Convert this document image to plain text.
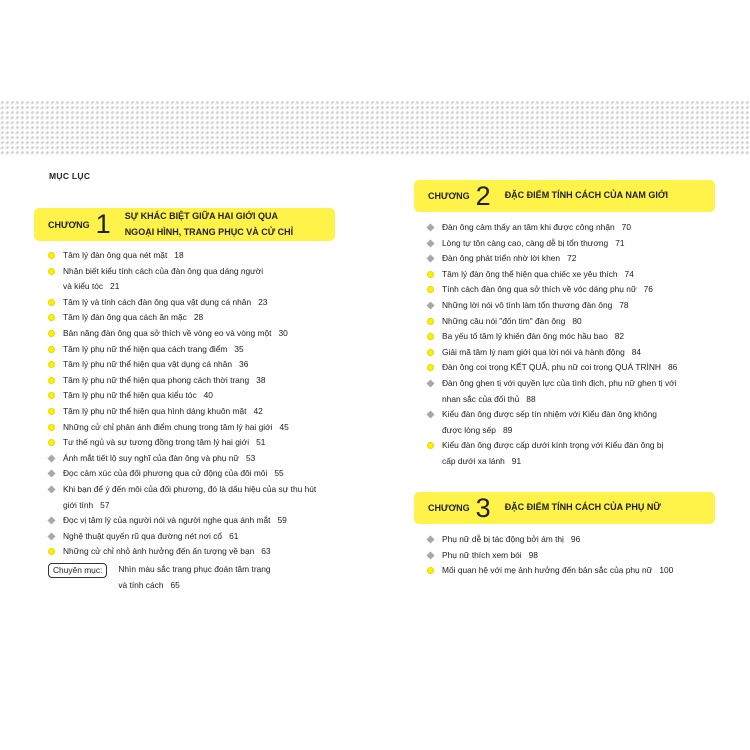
MỤC LỤC
CHƯƠNG 1 SỰ KHÁC BIỆT GIỮA HAI GIỚI QUA
NGOẠI HÌNH, TRANG PHỤC VÀ CỬ CHỈ
Tâm lý đàn ông qua nét mặt 18
Nhận biết kiểu tính cách của đàn ông qua dáng người
và kiểu tóc 21
Tâm lý và tính cách đàn ông qua vật dụng cá nhân 23
Tâm lý đàn ông qua cách ăn mặc 28
Bản năng đàn ông qua sở thích về vòng eo và vòng một 30
Tâm lý phụ nữ thể hiện qua cách trang điểm 35
Tâm lý phụ nữ thể hiện qua vật dụng cá nhân 36
Tâm lý phụ nữ thể hiện qua phong cách thời trang 38
Tâm lý phụ nữ thể hiện qua kiểu tóc 40
Tâm lý phụ nữ thể hiện qua hình dáng khuôn mặt 42
Những cử chỉ phản ánh điểm chung trong tâm lý hai giới 45
Tư thế ngủ và sự tương đồng trong tâm lý hai giới 51
Ánh mắt tiết lộ suy nghĩ của đàn ông và phụ nữ 53
Đọc cảm xúc của đối phương qua cử động của đôi môi 55
Khi bạn để ý đến môi của đối phương, đó là dấu hiệu của sự thu hút
giới tính 57
Đọc vị tâm lý của người nói và người nghe qua ánh mắt 59
Nghệ thuật quyến rũ qua đường nét nơi cổ 61
Những cử chỉ nhỏ ảnh hưởng đến ấn tượng về bạn 63
Chuyên mục:	Nhìn màu sắc trang phục đoán tâm trạng
và tính cách 65
CHƯƠNG 2 ĐẶC ĐIỂM TÍNH CÁCH CỦA NAM GIỚI
Đàn ông cảm thấy an tâm khi được công nhận 70
Lòng tự tôn càng cao, càng dễ bị tổn thương 71
Đàn ông phát triển nhờ lời khen 72
Tâm lý đàn ông thể hiện qua chiếc xe yêu thích 74
Tính cách đàn ông qua sở thích về vóc dáng phụ nữ 76
Những lời nói vô tình làm tổn thương đàn ông 78
Những câu nói "đốn tim" đàn ông 80
Ba yếu tố tâm lý khiến đàn ông móc hầu bao 82
Giải mã tâm lý nam giới qua lời nói và hành động 84
Đàn ông coi trọng KẾT QUẢ, phụ nữ coi trọng QUÁ TRÌNH 86
Đàn ông ghen tị với quyền lực của tình địch, phụ nữ ghen tị với
nhan sắc của đối thủ 88
Kiểu đàn ông được sếp tín nhiệm với Kiểu đàn ông không
được lòng sếp 89
Kiểu đàn ông được cấp dưới kính trọng với Kiểu đàn ông bị
cấp dưới xa lánh 91
CHƯƠNG 3 ĐẶC ĐIỂM TÍNH CÁCH CỦA PHỤ NỮ
Phụ nữ dễ bị tác động bởi ám thị 96
Phụ nữ thích xem bói 98
Mối quan hệ với mẹ ảnh hưởng đến bản sắc của phụ nữ 100
